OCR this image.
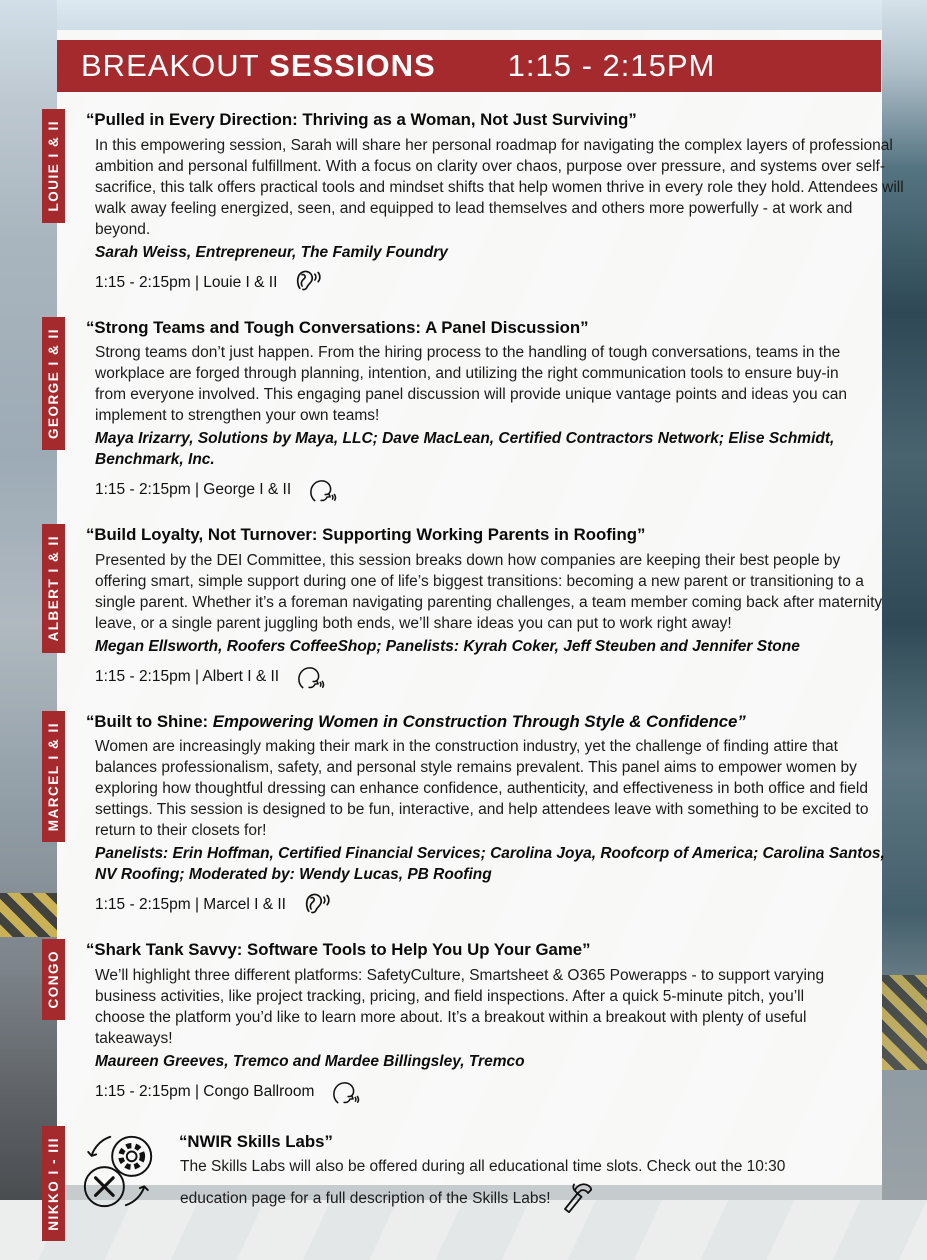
BREAKOUT SESSIONS 1:15 - 2:15PM
LOUIE I & II

“Pulled in Every Direction: Thriving as a Woman, Not Just Surviving”

In this empowering session, Sarah will share her personal roadmap for navigating the complex layers of professional ambition and personal fulfillment. With a focus on clarity over chaos, purpose over pressure, and systems over self-sacrifice, this talk offers practical tools and mindset shifts that help women thrive in every role they hold. Attendees will walk away feeling energized, seen, and equipped to lead themselves and others more powerfully - at work and beyond.

Sarah Weiss, Entrepreneur, The Family Foundry

1:15 - 2:15pm | Louie I & II
GEORGE I & II

“Strong Teams and Tough Conversations: A Panel Discussion”

Strong teams don’t just happen. From the hiring process to the handling of tough conversations, teams in the workplace are forged through planning, intention, and utilizing the right communication tools to ensure buy-in from everyone involved. This engaging panel discussion will provide unique vantage points and ideas you can implement to strengthen your own teams!

Maya Irizarry, Solutions by Maya, LLC; Dave MacLean, Certified Contractors Network; Elise Schmidt, Benchmark, Inc.

1:15 - 2:15pm | George I & II
ALBERT I & II

“Build Loyalty, Not Turnover: Supporting Working Parents in Roofing”

Presented by the DEI Committee, this session breaks down how companies are keeping their best people by offering smart, simple support during one of life’s biggest transitions: becoming a new parent or transitioning to a single parent. Whether it’s a foreman navigating parenting challenges, a team member coming back after maternity leave, or a single parent juggling both ends, we’ll share ideas you can put to work right away!

Megan Ellsworth, Roofers CoffeeShop; Panelists: Kyrah Coker, Jeff Steuben and Jennifer Stone

1:15 - 2:15pm | Albert I & II
MARCEL I & II

“Built to Shine: Empowering Women in Construction Through Style & Confidence”

Women are increasingly making their mark in the construction industry, yet the challenge of finding attire that balances professionalism, safety, and personal style remains prevalent. This panel aims to empower women by exploring how thoughtful dressing can enhance confidence, authenticity, and effectiveness in both office and field settings. This session is designed to be fun, interactive, and help attendees leave with something to be excited to return to their closets for!

Panelists: Erin Hoffman, Certified Financial Services; Carolina Joya, Roofcorp of America; Carolina Santos, NV Roofing; Moderated by: Wendy Lucas, PB Roofing

1:15 - 2:15pm | Marcel I & II
CONGO

“Shark Tank Savvy: Software Tools to Help You Up Your Game”

We’ll highlight three different platforms: SafetyCulture, Smartsheet & O365 Powerapps - to support varying business activities, like project tracking, pricing, and field inspections. After a quick 5-minute pitch, you’ll choose the platform you’d like to learn more about. It’s a breakout within a breakout with plenty of useful takeaways!

Maureen Greeves, Tremco and Mardee Billingsley, Tremco

1:15 - 2:15pm | Congo Ballroom
NIKKO I - III	“NWIR Skills Labs”

The Skills Labs will also be offered during all educational time slots. Check out the 10:30 education page for a full description of the Skills Labs!
